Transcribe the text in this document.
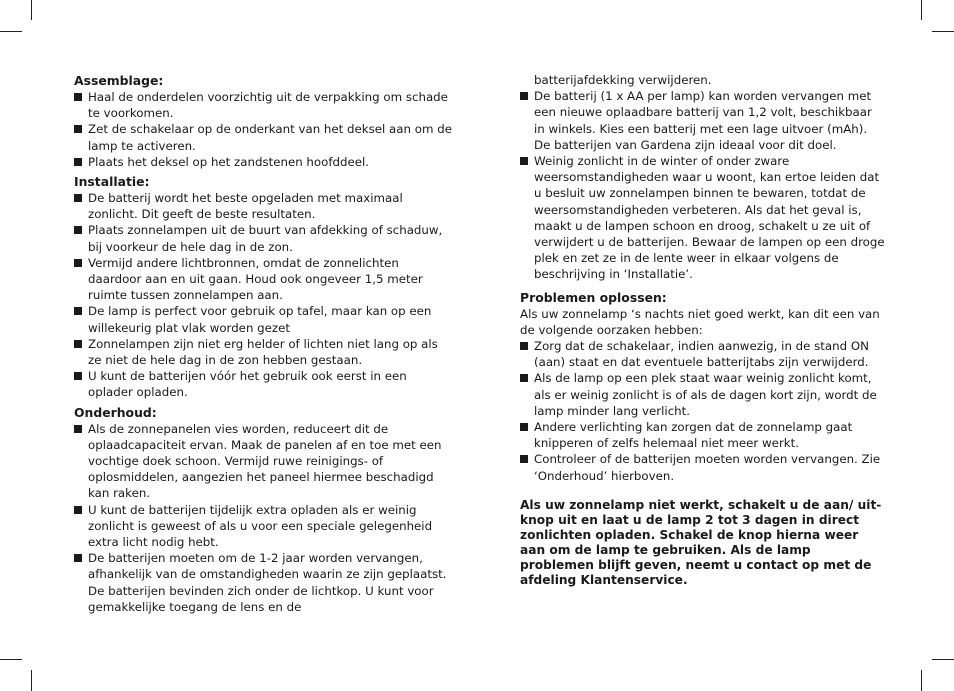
Assemblage:
Haal de onderdelen voorzichtig uit de verpakking om schade te voorkomen.
Zet de schakelaar op de onderkant van het deksel aan om de lamp te activeren.
Plaats het deksel op het zandstenen hoofddeel.
Installatie:
De batterij wordt het beste opgeladen met maximaal zonlicht. Dit geeft de beste resultaten.
Plaats zonnelampen uit de buurt van afdekking of schaduw, bij voorkeur de hele dag in de zon.
Vermijd andere lichtbronnen, omdat de zonnelichten daardoor aan en uit gaan. Houd ook ongeveer 1,5 meter ruimte tussen zonnelampen aan.
De lamp is perfect voor gebruik op tafel, maar kan op een willekeurig plat vlak worden gezet
Zonnelampen zijn niet erg helder of lichten niet lang op als ze niet de hele dag in de zon hebben gestaan.
U kunt de batterijen vóór het gebruik ook eerst in een oplader opladen.
Onderhoud:
Als de zonnepanelen vies worden, reduceert dit de oplaadcapaciteit ervan. Maak de panelen af en toe met een vochtige doek schoon. Vermijd ruwe reinigings- of oplosmiddelen, aangezien het paneel hiermee beschadigd kan raken.
U kunt de batterijen tijdelijk extra opladen als er weinig zonlicht is geweest of als u voor een speciale gelegenheid extra licht nodig hebt.
De batterijen moeten om de 1-2 jaar worden vervangen, afhankelijk van de omstandigheden waarin ze zijn geplaatst. De batterijen bevinden zich onder de lichtkop. U kunt voor gemakkelijke toegang de lens en de
batterijafdekking verwijderen.
De batterij (1 x AA per lamp) kan worden vervangen met een nieuwe oplaadbare batterij van 1,2 volt, beschikbaar in winkels. Kies een batterij met een lage uitvoer (mAh). De batterijen van Gardena zijn ideaal voor dit doel.
Weinig zonlicht in de winter of onder zware weersomstandigheden waar u woont, kan ertoe leiden dat u besluit uw zonnelampen binnen te bewaren, totdat de weersomstandigheden verbeteren. Als dat het geval is, maakt u de lampen schoon en droog, schakelt u ze uit of verwijdert u de batterijen. Bewaar de lampen op een droge plek en zet ze in de lente weer in elkaar volgens de beschrijving in ‘Installatie’.
Problemen oplossen:

Als uw zonnelamp ‘s nachts niet goed werkt, kan dit een van de volgende oorzaken hebben:

Zorg dat de schakelaar, indien aanwezig, in de stand ON (aan) staat en dat eventuele batterijtabs zijn verwijderd.
Als de lamp op een plek staat waar weinig zonlicht komt, als er weinig zonlicht is of als de dagen kort zijn, wordt de lamp minder lang verlicht.
Andere verlichting kan zorgen dat de zonnelamp gaat knipperen of zelfs helemaal niet meer werkt.
Controleer of de batterijen moeten worden vervangen. Zie ‘Onderhoud’ hierboven.

Als uw zonnelamp niet werkt, schakelt u de aan/ uit-knop uit en laat u de lamp 2 tot 3 dagen in direct zonlichten opladen. Schakel de knop hierna weer aan om de lamp te gebruiken. Als de lamp problemen blijft geven, neemt u contact op met de afdeling Klantenservice.
